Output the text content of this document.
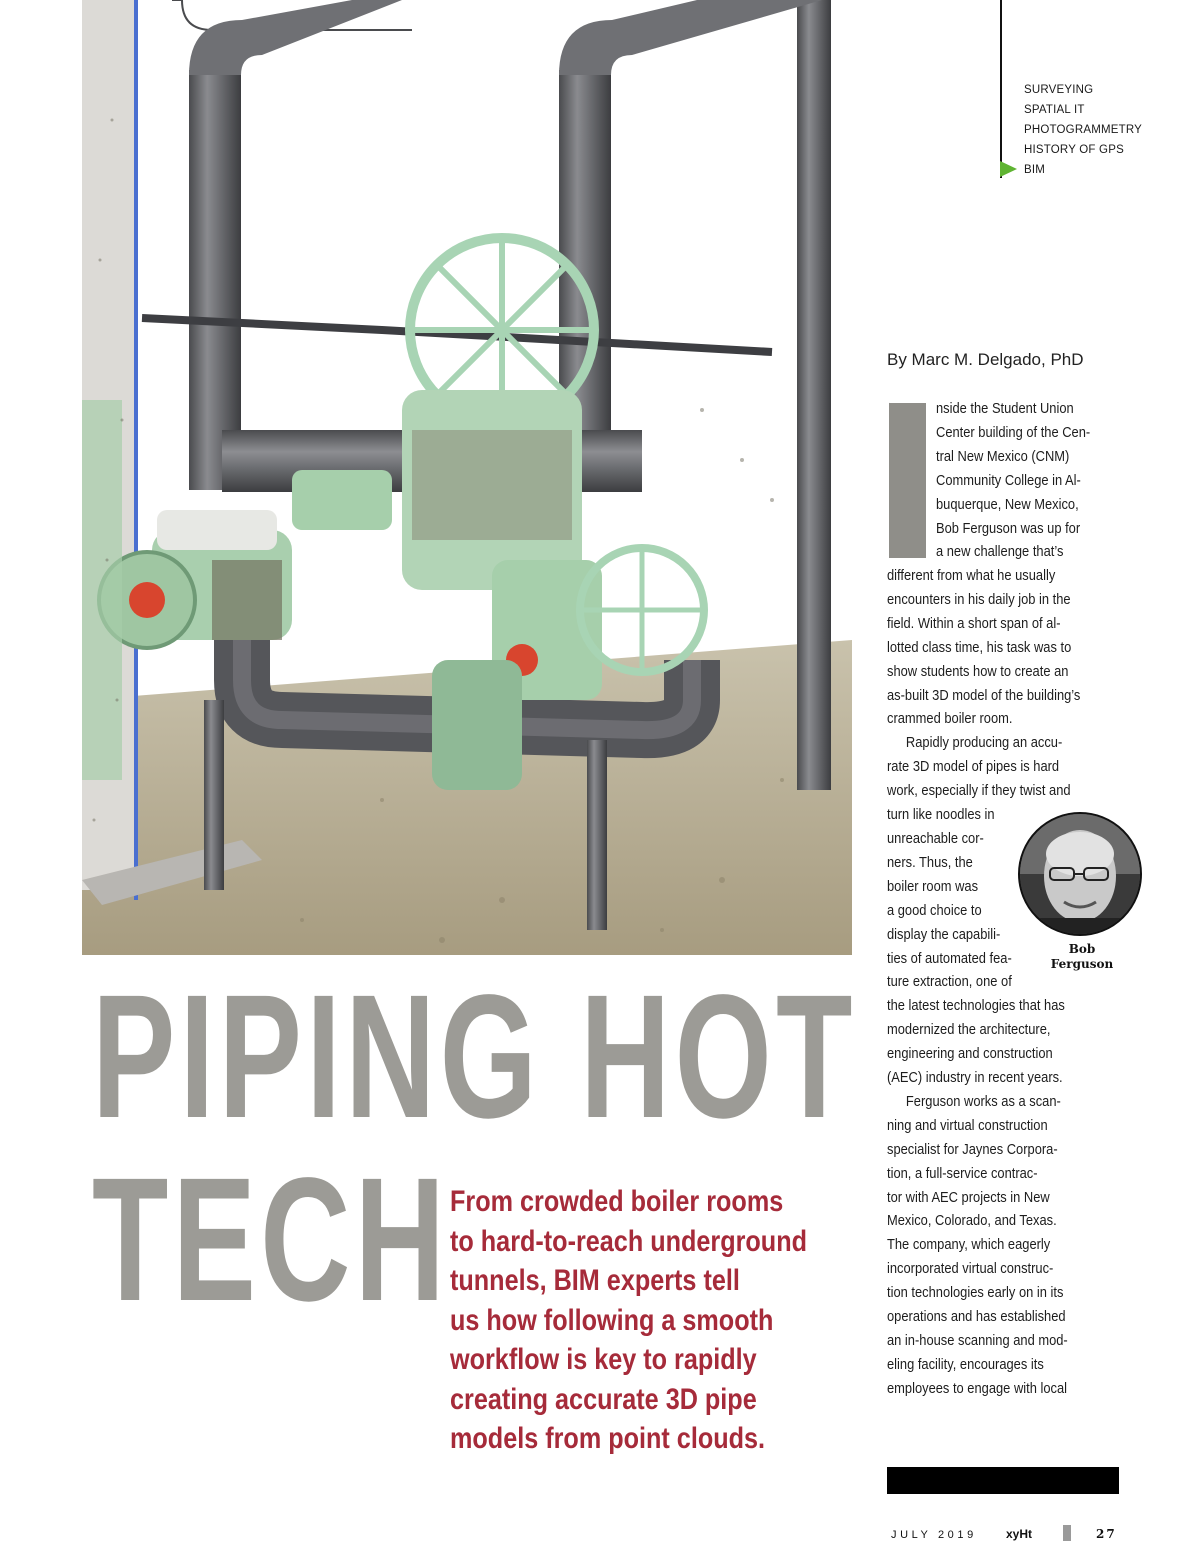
SURVEYING
SPATIAL IT
PHOTOGRAMMETRY
HISTORY OF GPS
BIM
By Marc M. Delgado, PhD
I	nside the Student Union
Center building of the Cen-
tral New Mexico (CNM)
Community College in Al-
buquerque, New Mexico,
Bob Ferguson was up for
a new challenge that’s
different from what he usually
encounters in his daily job in the
field. Within a short span of al-
lotted class time, his task was to
show students how to create an
as-built 3D model of the building’s
crammed boiler room.
Rapidly producing an accu-
rate 3D model of pipes is hard
work, especially if they twist and
turn like noodles in
unreachable cor-
ners. Thus, the
boiler room was
a good choice to
display the capabili-
ties of automated fea-
ture extraction, one of
the latest technologies that has
modernized the architecture,
engineering and construction
(AEC) industry in recent years.
Ferguson works as a scan-
ning and virtual construction
specialist for Jaynes Corpora-
tion, a full-service contrac-
tor with AEC projects in New
Mexico, Colorado, and Texas.
The company, which eagerly
incorporated virtual construc-
tion technologies early on in its
operations and has established
an in-house scanning and mod-
eling facility, encourages its
employees to engage with local
Bob
Ferguson
PIPING HOT
TECH From crowded boiler rooms
to hard-to-reach underground
tunnels, BIM experts tell
us how following a smooth
workflow is key to rapidly
creating accurate 3D pipe
models from point clouds.
JULY 2019 xyHt	27
